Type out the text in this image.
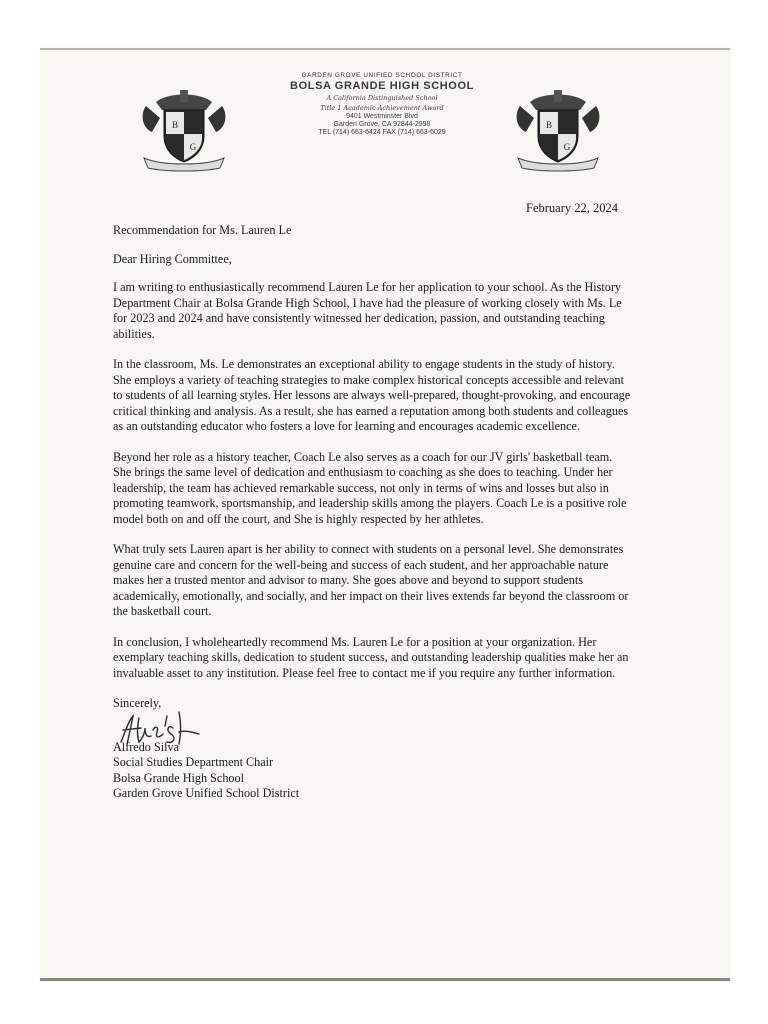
B
G
GARDEN GROVE UNIFIED SCHOOL DISTRICT
BOLSA GRANDE HIGH SCHOOL
A California Distinguished School
Title 1 Academic Achievement Award
9401 Westminster Blvd
Garden Grove, CA 92844-2998
TEL (714) 663-6424 FAX (714) 663-6029
B
G
February 22, 2024

Recommendation for Ms. Lauren Le

Dear Hiring Committee,

I am writing to enthusiastically recommend Lauren Le for her application to your school. As the History Department Chair at Bolsa Grande High School, I have had the pleasure of working closely with Ms. Le for 2023 and 2024 and have consistently witnessed her dedication, passion, and outstanding teaching abilities.

In the classroom, Ms. Le demonstrates an exceptional ability to engage students in the study of history. She employs a variety of teaching strategies to make complex historical concepts accessible and relevant to students of all learning styles. Her lessons are always well-prepared, thought-provoking, and encourage critical thinking and analysis. As a result, she has earned a reputation among both students and colleagues as an outstanding educator who fosters a love for learning and encourages academic excellence.

Beyond her role as a history teacher, Coach Le also serves as a coach for our JV girls' basketball team. She brings the same level of dedication and enthusiasm to coaching as she does to teaching. Under her leadership, the team has achieved remarkable success, not only in terms of wins and losses but also in promoting teamwork, sportsmanship, and leadership skills among the players. Coach Le is a positive role model both on and off the court, and She is highly respected by her athletes.

What truly sets Lauren apart is her ability to connect with students on a personal level. She demonstrates genuine care and concern for the well-being and success of each student, and her approachable nature makes her a trusted mentor and advisor to many. She goes above and beyond to support students academically, emotionally, and socially, and her impact on their lives extends far beyond the classroom or the basketball court.

In conclusion, I wholeheartedly recommend Ms. Lauren Le for a position at your organization. Her exemplary teaching skills, dedication to student success, and outstanding leadership qualities make her an invaluable asset to any institution. Please feel free to contact me if you require any further information.

Sincerely,

Alfredo Silva

Social Studies Department Chair

Bolsa Grande High School

Garden Grove Unified School District
